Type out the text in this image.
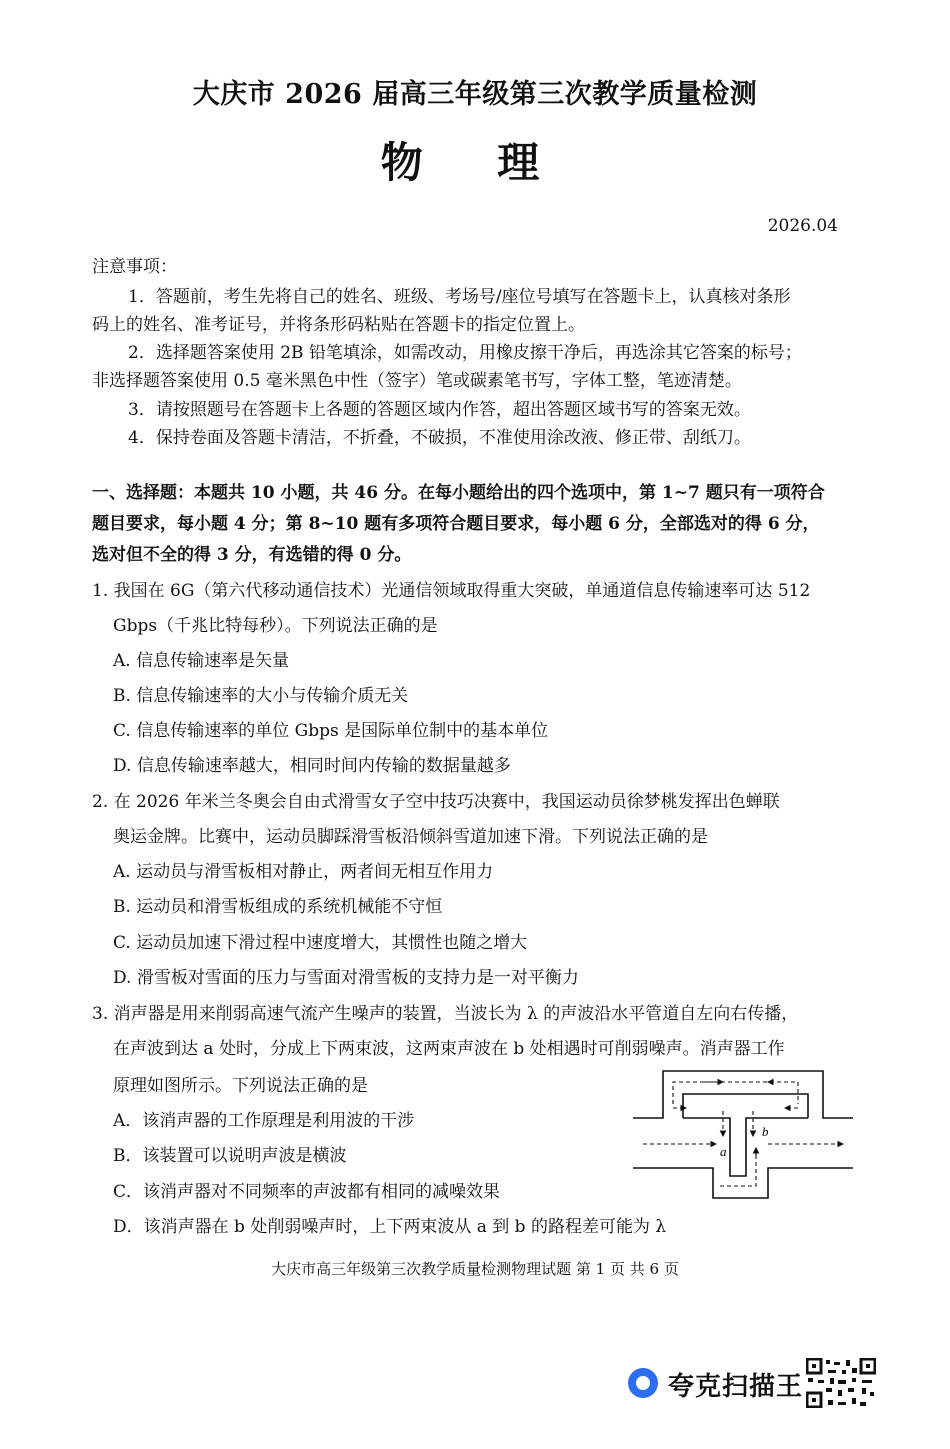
大庆市 2026 届高三年级第三次教学质量检测
物 理
2026.04
注意事项：
1．答题前，考生先将自己的姓名、班级、考场号/座位号填写在答题卡上，认真核对条形
码上的姓名、准考证号，并将条形码粘贴在答题卡的指定位置上。
2．选择题答案使用 2B 铅笔填涂，如需改动，用橡皮擦干净后，再选涂其它答案的标号；
非选择题答案使用 0.5 毫米黑色中性（签字）笔或碳素笔书写，字体工整，笔迹清楚。
3．请按照题号在答题卡上各题的答题区域内作答，超出答题区域书写的答案无效。
4．保持卷面及答题卡清洁，不折叠，不破损，不准使用涂改液、修正带、刮纸刀。
一、选择题：本题共 10 小题，共 46 分。在每小题给出的四个选项中，第 1~7 题只有一项符合
题目要求，每小题 4 分；第 8~10 题有多项符合题目要求，每小题 6 分，全部选对的得 6 分，
选对但不全的得 3 分，有选错的得 0 分。
1. 我国在 6G（第六代移动通信技术）光通信领域取得重大突破，单通道信息传输速率可达 512
Gbps（千兆比特每秒）。下列说法正确的是
A. 信息传输速率是矢量
B. 信息传输速率的大小与传输介质无关
C. 信息传输速率的单位 Gbps 是国际单位制中的基本单位
D. 信息传输速率越大，相同时间内传输的数据量越多
2. 在 2026 年米兰冬奥会自由式滑雪女子空中技巧决赛中，我国运动员徐梦桃发挥出色蝉联
奥运金牌。比赛中，运动员脚踩滑雪板沿倾斜雪道加速下滑。下列说法正确的是
A. 运动员与滑雪板相对静止，两者间无相互作用力
B. 运动员和滑雪板组成的系统机械能不守恒
C. 运动员加速下滑过程中速度增大，其惯性也随之增大
D. 滑雪板对雪面的压力与雪面对滑雪板的支持力是一对平衡力
3. 消声器是用来削弱高速气流产生噪声的装置，当波长为 λ 的声波沿水平管道自左向右传播，
在声波到达 a 处时，分成上下两束波，这两束声波在 b 处相遇时可削弱噪声。消声器工作
原理如图所示。下列说法正确的是
A．该消声器的工作原理是利用波的干涉
B．该装置可以说明声波是横波
C．该消声器对不同频率的声波都有相同的减噪效果
D．该消声器在 b 处削弱噪声时，上下两束波从 a 到 b 的路程差可能为 λ
a
b
大庆市高三年级第三次教学质量检测物理试题 第 1 页 共 6 页
夸克扫描王
